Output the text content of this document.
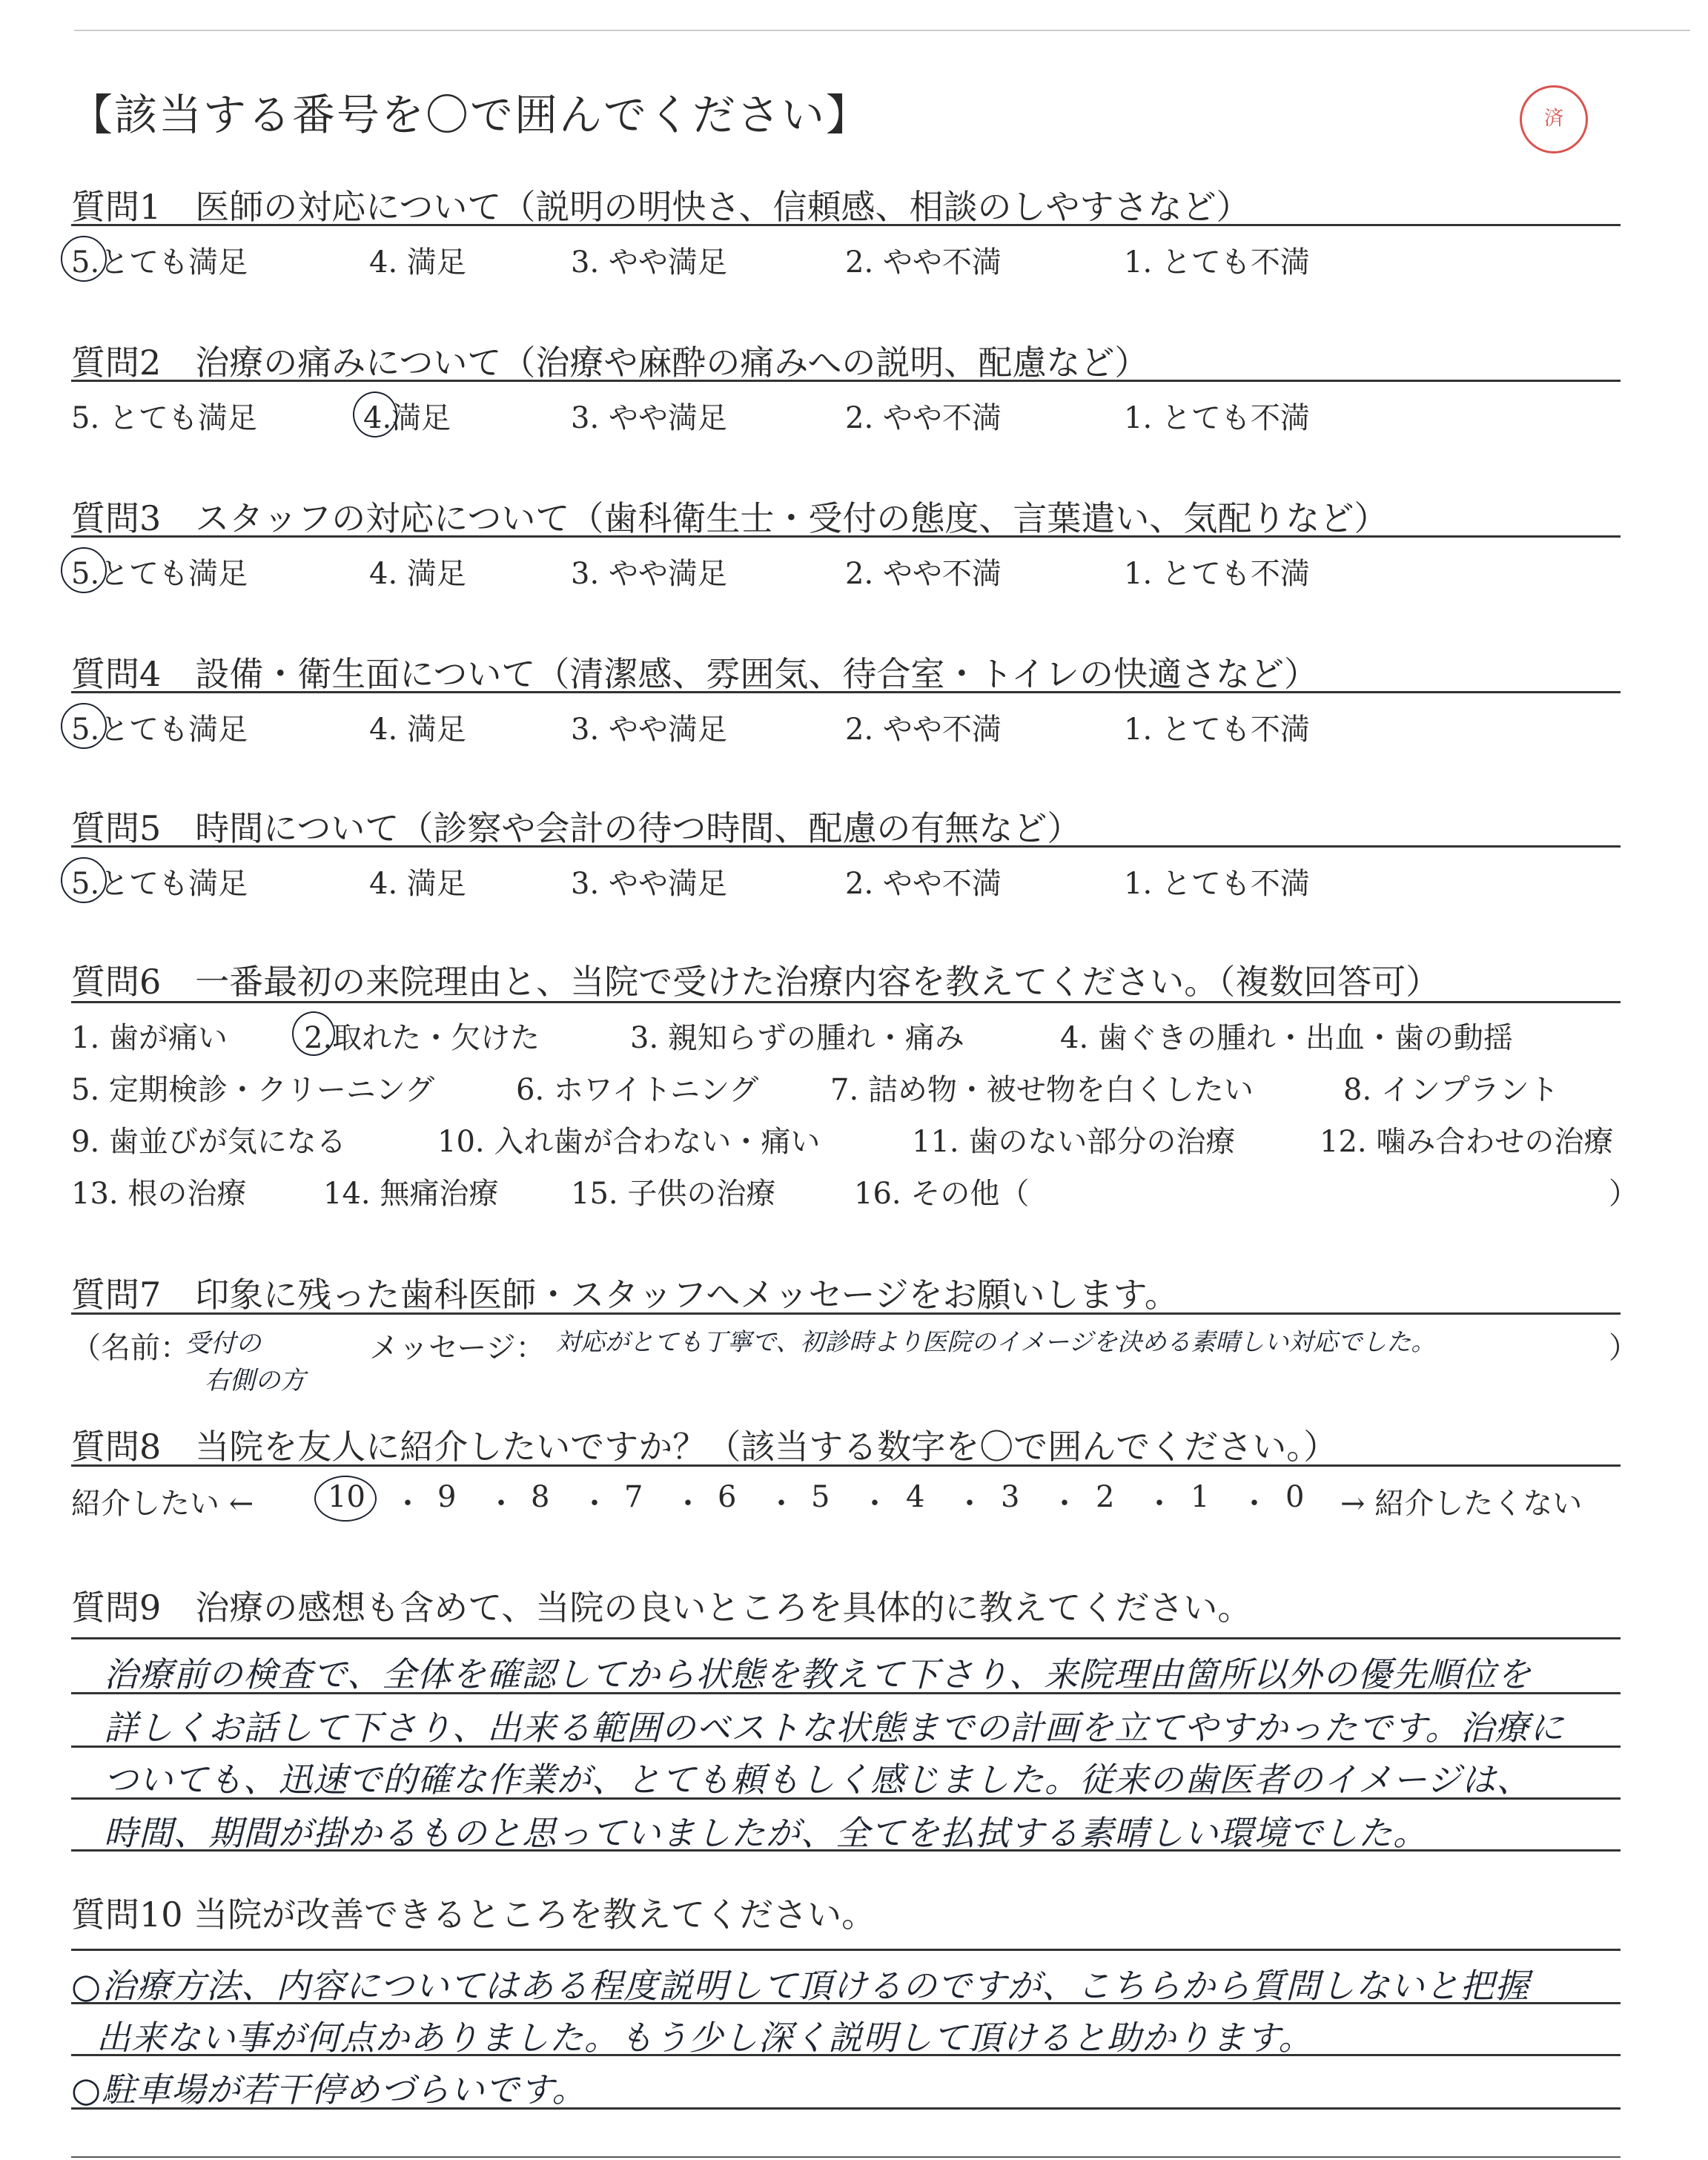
【該当する番号を〇で囲んでください】	済
質問1　医師の対応について（説明の明快さ、信頼感、相談のしやすさなど）
5.とても満足	4. 満足	3. やや満足	2. やや不満	1. とても不満
質問2　治療の痛みについて（治療や麻酔の痛みへの説明、配慮など）
5. とても満足	4.満足	3. やや満足	2. やや不満	1. とても不満
質問3　スタッフの対応について（歯科衛生士・受付の態度、言葉遣い、気配りなど）
5.とても満足	4. 満足	3. やや満足	2. やや不満	1. とても不満
質問4　設備・衛生面について（清潔感、雰囲気、待合室・トイレの快適さなど）
5.とても満足	4. 満足	3. やや満足	2. やや不満	1. とても不満
質問5　時間について（診察や会計の待つ時間、配慮の有無など）
5.とても満足	4. 満足	3. やや満足	2. やや不満	1. とても不満
質問6　一番最初の来院理由と、当院で受けた治療内容を教えてください。（複数回答可）
1. 歯が痛い	2.取れた・欠けた	3. 親知らずの腫れ・痛み	4. 歯ぐきの腫れ・出血・歯の動揺
5. 定期検診・クリーニング	6. ホワイトニング 7. 詰め物・被せ物を白くしたい	8. インプラント
9. 歯並びが気になる	10. 入れ歯が合わない・痛い	11. 歯のない部分の治療	12. 噛み合わせの治療
13. 根の治療	14. 無痛治療 15. 子供の治療	16. その他（	）
質問7　印象に残った歯科医師・スタッフへメッセージをお願いします。
（名前：
受付の
右側の方
メッセージ： 対応がとても丁寧で、初診時より医院のイメージを決める素晴しい対応でした。	）
質問8　当院を友人に紹介したいですか？（該当する数字を〇で囲んでください。）
紹介したい ← 10 ・ 9 ・ 8 ・ 7 ・ 6 ・ 5 ・ 4 ・ 3 ・ 2 ・ 1 ・ 0 → 紹介したくない
質問9　治療の感想も含めて、当院の良いところを具体的に教えてください。
治療前の検査で、全体を確認してから状態を教えて下さり、来院理由箇所以外の優先順位を
詳しくお話して下さり、出来る範囲のベストな状態までの計画を立てやすかったです。治療に
ついても、迅速で的確な作業が、とても頼もしく感じました。従来の歯医者のイメージは、
時間、期間が掛かるものと思っていましたが、全てを払拭する素晴しい環境でした。
質問10 当院が改善できるところを教えてください。
○治療方法、内容についてはある程度説明して頂けるのですが、こちらから質問しないと把握
出来ない事が何点かありました。もう少し深く説明して頂けると助かります。
○駐車場が若干停めづらいです。
